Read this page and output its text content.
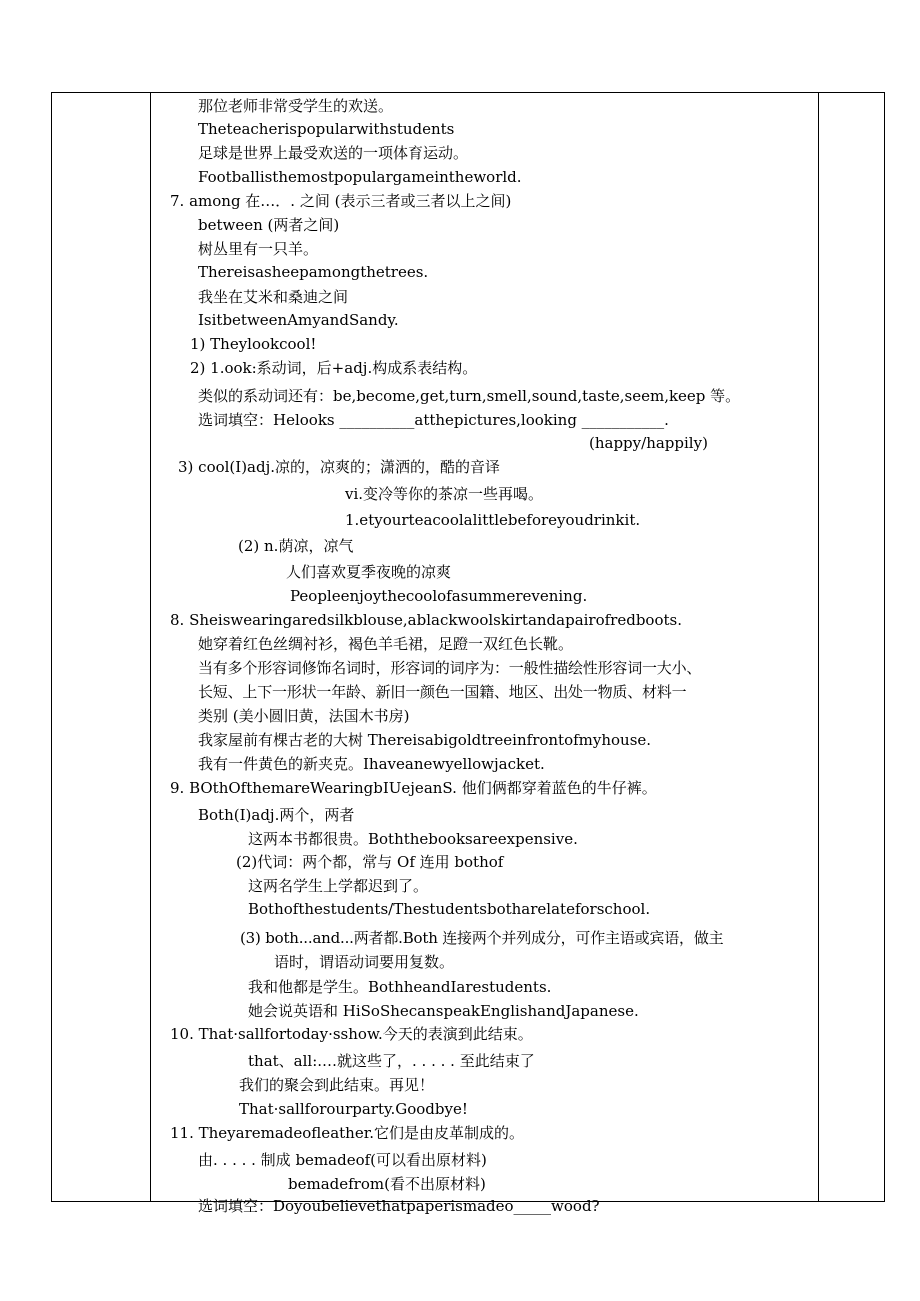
那位老师非常受学生的欢送。
Theteacherispopularwithstudents
足球是世界上最受欢送的一项体育运动。
Footballisthemostpopulargameintheworld.
7. among 在…．. 之间 (表示三者或三者以上之间)
between (两者之间)
树丛里有一只羊。
Thereisasheepamongthetrees.
我坐在艾米和桑迪之间
IsitbetweenAmyandSandy.
1) Theylookcool!
2) 1.ook:系动词，后+adj.构成系表结构。
类似的系动词还有：be,become,get,turn,smell,sound,taste,seem,keep 等。
选词填空：Helooks __________atthepictures,looking ___________.
(happy/happily)
3) cool(I)adj.凉的，凉爽的；潇洒的，酷的音译
vi.变冷等你的茶凉一些再喝。
1.etyourteacoolalittlebeforeyoudrinkit.
(2) n.荫凉，凉气
人们喜欢夏季夜晚的凉爽
Peopleenjoythecoolofasummerevening.
8. Sheiswearingaredsilkblouse,ablackwoolskirtandapairofredboots.
她穿着红色丝绸衬衫，褐色羊毛裙，足蹬一双红色长靴。
当有多个形容词修饰名词时，形容词的词序为：一般性描绘性形容词一大小、
长短、上下一形状一年龄、新旧一颜色一国籍、地区、出处一物质、材料一
类别 (美小圆旧黄，法国木书房)
我家屋前有棵古老的大树 Thereisabigoldtreeinfrontofmyhouse.
我有一件黄色的新夹克。Ihaveanewyellowjacket.
9. BOthOfthemareWearingbIUejeanS. 他们俩都穿着蓝色的牛仔裤。
Both(I)adj.两个，两者
这两本书都很贵。Boththebooksareexpensive.
(2)代词：两个都，常与 Of 连用 bothof
这两名学生上学都迟到了。
Bothofthestudents/Thestudentsbotharelateforschool.
(3) both...and...两者都.Both 连接两个并列成分，可作主语或宾语，做主
语时，谓语动词要用复数。
我和他都是学生。BothheandIarestudents.
她会说英语和 HiSoShecanspeakEnglishandJapanese.
10. That·sallfortoday·sshow.今天的表演到此结束。
that、all:.…就这些了，. . . . . 至此结束了
我们的聚会到此结束。再见！
That·sallforourparty.Goodbye!
11. Theyaremadeofleather.它们是由皮革制成的。
由. . . . . 制成 bemadeof(可以看出原材料)
bemadefrom(看不出原材料)
选词填空：Doyoubelievethatpaperismadeo_____wood?
